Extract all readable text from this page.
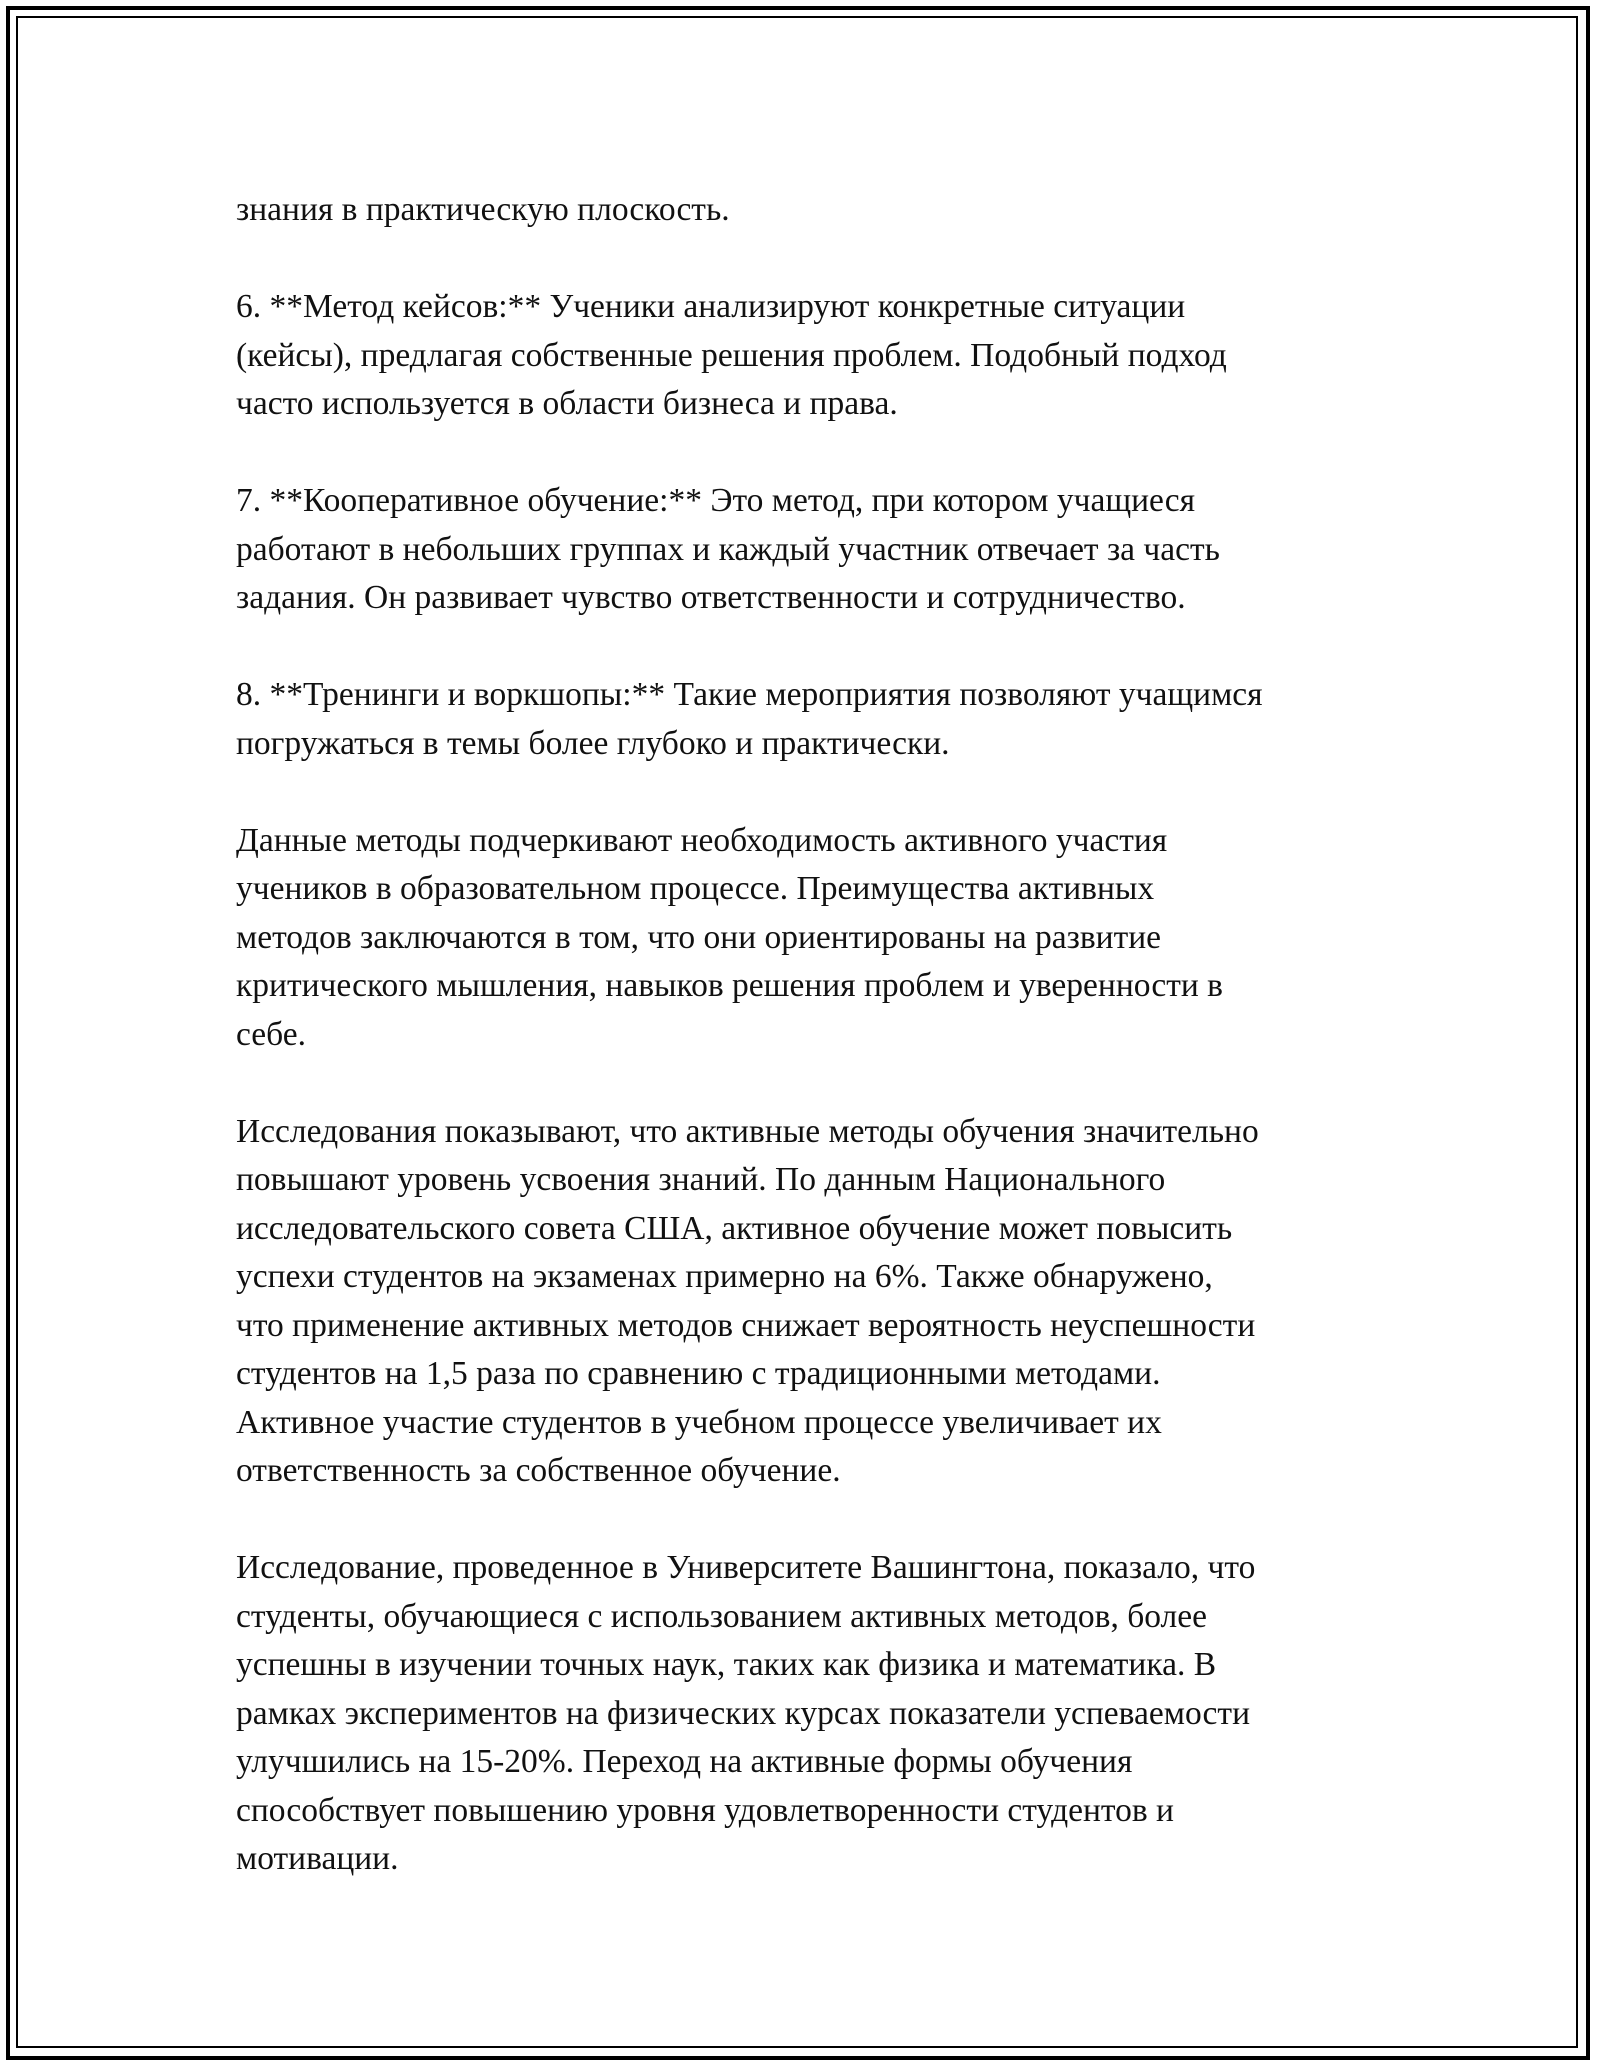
знания в практическую плоскость.

6. **Метод кейсов:** Ученики анализируют конкретные ситуации
(кейсы), предлагая собственные решения проблем. Подобный подход
часто используется в области бизнеса и права.

7. **Кооперативное обучение:** Это метод, при котором учащиеся
работают в небольших группах и каждый участник отвечает за часть
задания. Он развивает чувство ответственности и сотрудничество.

8. **Тренинги и воркшопы:** Такие мероприятия позволяют учащимся
погружаться в темы более глубоко и практически.

Данные методы подчеркивают необходимость активного участия
учеников в образовательном процессе. Преимущества активных
методов заключаются в том, что они ориентированы на развитие
критического мышления, навыков решения проблем и уверенности в
себе.

Исследования показывают, что активные методы обучения значительно
повышают уровень усвоения знаний. По данным Национального
исследовательского совета США, активное обучение может повысить
успехи студентов на экзаменах примерно на 6%. Также обнаружено,
что применение активных методов снижает вероятность неуспешности
студентов на 1,5 раза по сравнению с традиционными методами.
Активное участие студентов в учебном процессе увеличивает их
ответственность за собственное обучение.

Исследование, проведенное в Университете Вашингтона, показало, что
студенты, обучающиеся с использованием активных методов, более
успешны в изучении точных наук, таких как физика и математика. В
рамках экспериментов на физических курсах показатели успеваемости
улучшились на 15-20%. Переход на активные формы обучения
способствует повышению уровня удовлетворенности студентов и
мотивации.
